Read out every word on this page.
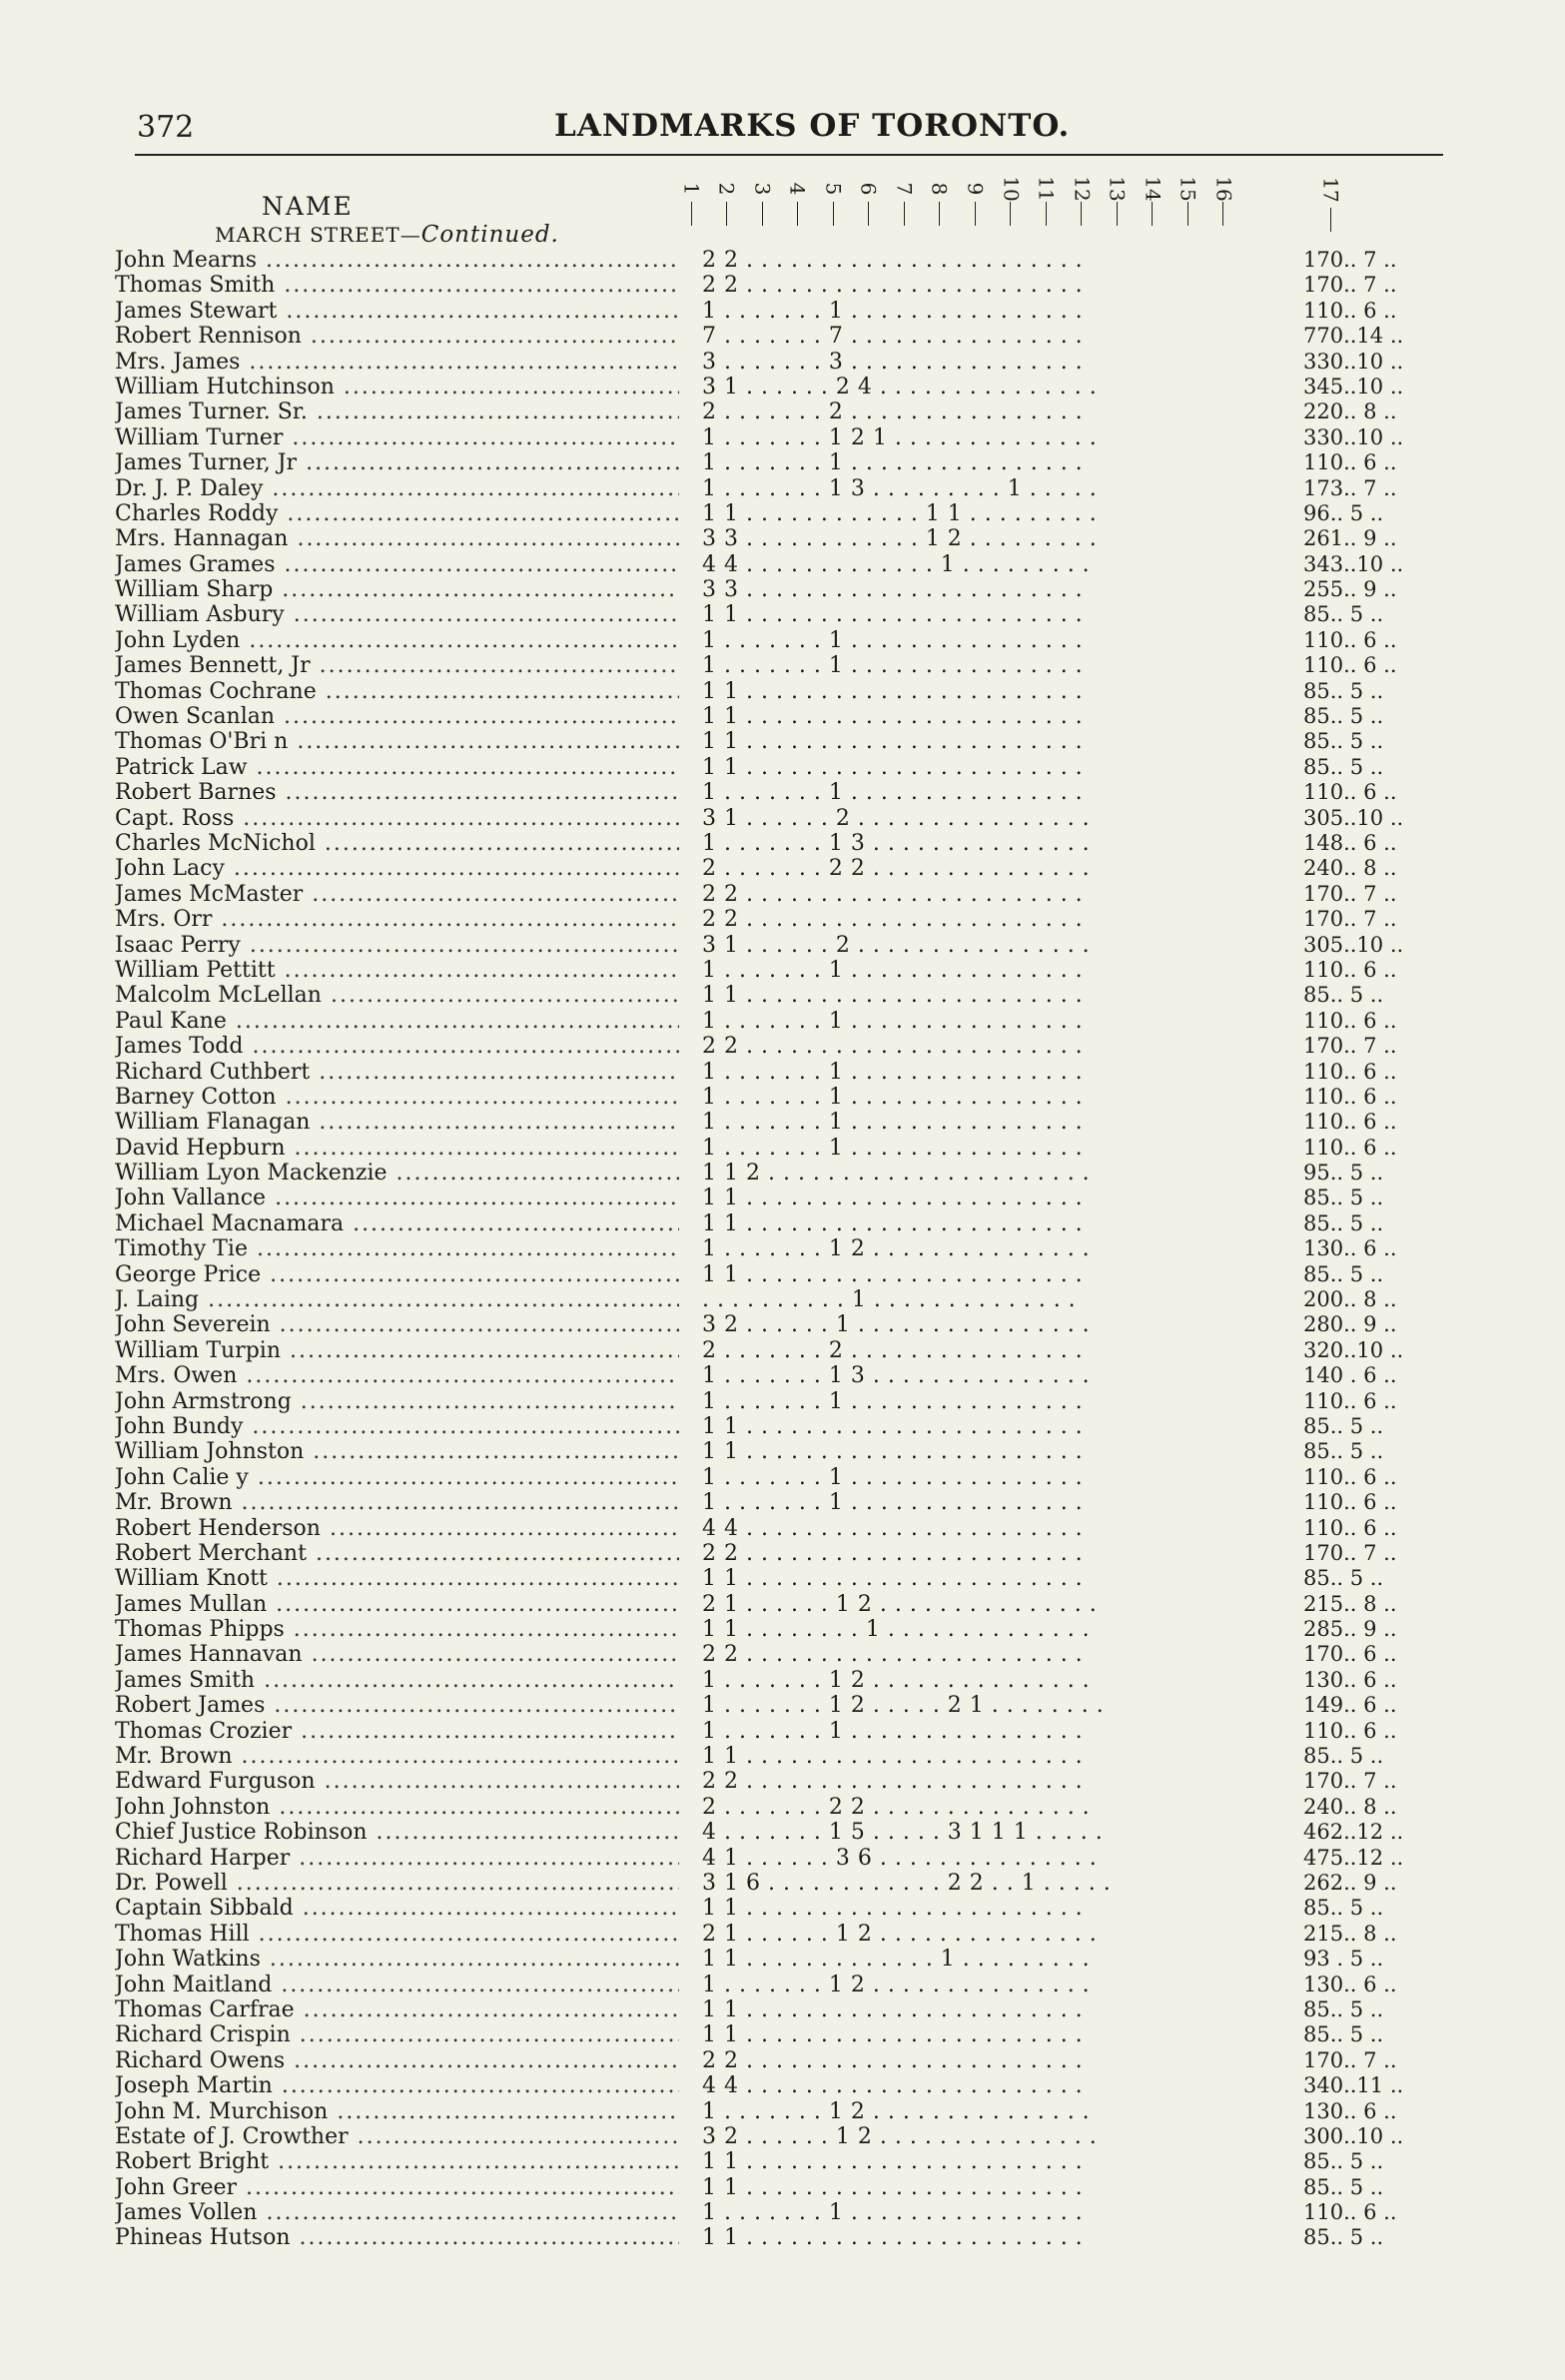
372	LANDMARKS OF TORONTO.
NAME
MARCH STREET—Continued.
1 2 3 4 5 6 7 8 9 10 11 12 13 14 15 16	17
John Mearns .....	2 2 . . . . . . . . . . . . . . . . . . . . . . .	170.. 7 ..
Thomas Smith .....	2 2 . . . . . . . . . . . . . . . . . . . . . . .	170.. 7 ..
James Stewart .....	1 . . . . . . . 1 . . . . . . . . . . . . . . . .	110.. 6 ..
Robert Rennison .....	7 . . . . . . . 7 . . . . . . . . . . . . . . . .	770..14 ..
Mrs. James .....	3 . . . . . . . 3 . . . . . . . . . . . . . . . .	330..10 ..
William Hutchinson .....	3 1 . . . . . . 2 4 . . . . . . . . . . . . . . .	345..10 ..
James Turner. Sr. .....	2 . . . . . . . 2 . . . . . . . . . . . . . . . .	220.. 8 ..
William Turner .....	1 . . . . . . . 1 2 1 . . . . . . . . . . . . . .	330..10 ..
James Turner, Jr .....	1 . . . . . . . 1 . . . . . . . . . . . . . . . .	110.. 6 ..
Dr. J. P. Daley .....	1 . . . . . . . 1 3 . . . . . . . . . 1 . . . . .	173.. 7 ..
Charles Roddy .....	1 1 . . . . . . . . . . . . 1 1 . . . . . . . . .	96.. 5 ..
Mrs. Hannagan .....	3 3 . . . . . . . . . . . . 1 2 . . . . . . . . .	261.. 9 ..
James Grames .....	4 4 . . . . . . . . . . . . . 1 . . . . . . . . .	343..10 ..
William Sharp .....	3 3 . . . . . . . . . . . . . . . . . . . . . . .	255.. 9 ..
William Asbury .....	1 1 . . . . . . . . . . . . . . . . . . . . . . .	85.. 5 ..
John Lyden .....	1 . . . . . . . 1 . . . . . . . . . . . . . . . .	110.. 6 ..
James Bennett, Jr .....	1 . . . . . . . 1 . . . . . . . . . . . . . . . .	110.. 6 ..
Thomas Cochrane .....	1 1 . . . . . . . . . . . . . . . . . . . . . . .	85.. 5 ..
Owen Scanlan .....	1 1 . . . . . . . . . . . . . . . . . . . . . . .	85.. 5 ..
Thomas O'Bri n .....	1 1 . . . . . . . . . . . . . . . . . . . . . . .	85.. 5 ..
Patrick Law .....	1 1 . . . . . . . . . . . . . . . . . . . . . . .	85.. 5 ..
Robert Barnes .....	1 . . . . . . . 1 . . . . . . . . . . . . . . . .	110.. 6 ..
Capt. Ross .....	3 1 . . . . . . 2 . . . . . . . . . . . . . . . .	305..10 ..
Charles McNichol .....	1 . . . . . . . 1 3 . . . . . . . . . . . . . . .	148.. 6 ..
John Lacy .....	2 . . . . . . . 2 2 . . . . . . . . . . . . . . .	240.. 8 ..
James McMaster .....	2 2 . . . . . . . . . . . . . . . . . . . . . . .	170.. 7 ..
Mrs. Orr .....	2 2 . . . . . . . . . . . . . . . . . . . . . . .	170.. 7 ..
Isaac Perry .....	3 1 . . . . . . 2 . . . . . . . . . . . . . . . .	305..10 ..
William Pettitt .....	1 . . . . . . . 1 . . . . . . . . . . . . . . . .	110.. 6 ..
Malcolm McLellan .....	1 1 . . . . . . . . . . . . . . . . . . . . . . .	85.. 5 ..
Paul Kane .....	1 . . . . . . . 1 . . . . . . . . . . . . . . . .	110.. 6 ..
James Todd .....	2 2 . . . . . . . . . . . . . . . . . . . . . . .	170.. 7 ..
Richard Cuthbert .....	1 . . . . . . . 1 . . . . . . . . . . . . . . . .	110.. 6 ..
Barney Cotton .....	1 . . . . . . . 1 . . . . . . . . . . . . . . . .	110.. 6 ..
William Flanagan .....	1 . . . . . . . 1 . . . . . . . . . . . . . . . .	110.. 6 ..
David Hepburn .....	1 . . . . . . . 1 . . . . . . . . . . . . . . . .	110.. 6 ..
William Lyon Mackenzie .....	1 1 2 . . . . . . . . . . . . . . . . . . . . . .	95.. 5 ..
John Vallance .....	1 1 . . . . . . . . . . . . . . . . . . . . . . .	85.. 5 ..
Michael Macnamara .....	1 1 . . . . . . . . . . . . . . . . . . . . . . .	85.. 5 ..
Timothy Tie .....	1 . . . . . . . 1 2 . . . . . . . . . . . . . . .	130.. 6 ..
George Price .....	1 1 . . . . . . . . . . . . . . . . . . . . . . .	85.. 5 ..
J. Laing .....	. . . . . . . . . . 1 . . . . . . . . . . . . . .	200.. 8 ..
John Severein .....	3 2 . . . . . . 1 . . . . . . . . . . . . . . . .	280.. 9 ..
William Turpin .....	2 . . . . . . . 2 . . . . . . . . . . . . . . . .	320..10 ..
Mrs. Owen .....	1 . . . . . . . 1 3 . . . . . . . . . . . . . . .	140 . 6 ..
John Armstrong .....	1 . . . . . . . 1 . . . . . . . . . . . . . . . .	110.. 6 ..
John Bundy .....	1 1 . . . . . . . . . . . . . . . . . . . . . . .	85.. 5 ..
William Johnston .....	1 1 . . . . . . . . . . . . . . . . . . . . . . .	85.. 5 ..
John Calie y .....	1 . . . . . . . 1 . . . . . . . . . . . . . . . .	110.. 6 ..
Mr. Brown .....	1 . . . . . . . 1 . . . . . . . . . . . . . . . .	110.. 6 ..
Robert Henderson .....	4 4 . . . . . . . . . . . . . . . . . . . . . . .	110.. 6 ..
Robert Merchant .....	2 2 . . . . . . . . . . . . . . . . . . . . . . .	170.. 7 ..
William Knott .....	1 1 . . . . . . . . . . . . . . . . . . . . . . .	85.. 5 ..
James Mullan .....	2 1 . . . . . . 1 2 . . . . . . . . . . . . . . .	215.. 8 ..
Thomas Phipps .....	1 1 . . . . . . . . 1 . . . . . . . . . . . . . .	285.. 9 ..
James Hannavan .....	2 2 . . . . . . . . . . . . . . . . . . . . . . .	170.. 6 ..
James Smith .....	1 . . . . . . . 1 2 . . . . . . . . . . . . . . .	130.. 6 ..
Robert James .....	1 . . . . . . . 1 2 . . . . . 2 1 . . . . . . . .	149.. 6 ..
Thomas Crozier .....	1 . . . . . . . 1 . . . . . . . . . . . . . . . .	110.. 6 ..
Mr. Brown .....	1 1 . . . . . . . . . . . . . . . . . . . . . . .	85.. 5 ..
Edward Furguson .....	2 2 . . . . . . . . . . . . . . . . . . . . . . .	170.. 7 ..
John Johnston .....	2 . . . . . . . 2 2 . . . . . . . . . . . . . . .	240.. 8 ..
Chief Justice Robinson .....	4 . . . . . . . 1 5 . . . . . 3 1 1 1 . . . . .	462..12 ..
Richard Harper .....	4 1 . . . . . . 3 6 . . . . . . . . . . . . . . .	475..12 ..
Dr. Powell .....	3 1 6 . . . . . . . . . . . . 2 2 . . 1 . . . . .	262.. 9 ..
Captain Sibbald .....	1 1 . . . . . . . . . . . . . . . . . . . . . . .	85.. 5 ..
Thomas Hill .....	2 1 . . . . . . 1 2 . . . . . . . . . . . . . . .	215.. 8 ..
John Watkins .....	1 1 . . . . . . . . . . . . . 1 . . . . . . . . .	93 . 5 ..
John Maitland .....	1 . . . . . . . 1 2 . . . . . . . . . . . . . . .	130.. 6 ..
Thomas Carfrae .....	1 1 . . . . . . . . . . . . . . . . . . . . . . .	85.. 5 ..
Richard Crispin .....	1 1 . . . . . . . . . . . . . . . . . . . . . . .	85.. 5 ..
Richard Owens .....	2 2 . . . . . . . . . . . . . . . . . . . . . . .	170.. 7 ..
Joseph Martin .....	4 4 . . . . . . . . . . . . . . . . . . . . . . .	340..11 ..
John M. Murchison .....	1 . . . . . . . 1 2 . . . . . . . . . . . . . . .	130.. 6 ..
Estate of J. Crowther .....	3 2 . . . . . . 1 2 . . . . . . . . . . . . . . .	300..10 ..
Robert Bright .....	1 1 . . . . . . . . . . . . . . . . . . . . . . .	85.. 5 ..
John Greer .....	1 1 . . . . . . . . . . . . . . . . . . . . . . .	85.. 5 ..
James Vollen .....	1 . . . . . . . 1 . . . . . . . . . . . . . . . .	110.. 6 ..
Phineas Hutson .....	1 1 . . . . . . . . . . . . . . . . . . . . . . .	85.. 5 ..
